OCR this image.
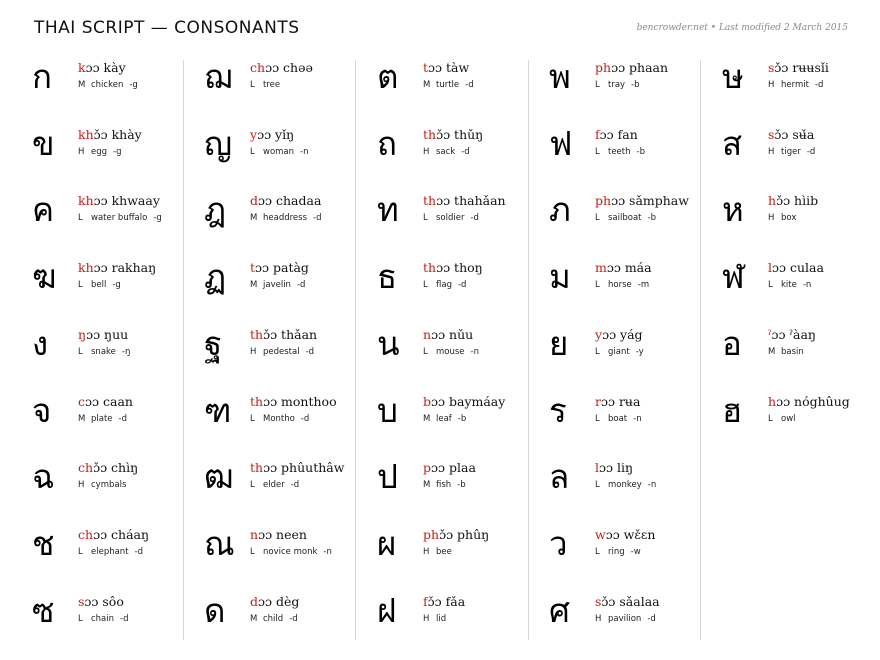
THAI SCRIPT — CONSONANTS	bencrowder.net • Last modified 2 March 2015
ก	kɔɔ kày
M chicken -g
ข	khɔ̌ɔ khày
H egg -g
ค	khɔɔ khwaay
L water buffalo -g
ฆ	khɔɔ rakhaŋ
L bell -g
ง	ŋɔɔ ŋuu
L snake -ŋ
จ	cɔɔ caan
M plate -d
ฉ	chɔ̌ɔ chìŋ
H cymbals
ช	chɔɔ cháaŋ
L elephant -d
ซ	sɔɔ sôo
L chain -d
ฌ	chɔɔ chəə
L tree
ญ	yɔɔ yǐŋ
L woman -n
ฎ	dɔɔ chadaa
M headdress -d
ฏ	tɔɔ patàg
M javelin -d
ฐ	thɔ̌ɔ thǎan
H pedestal -d
ฑ	thɔɔ monthoo
L Montho -d
ฒ	thɔɔ phûuthâw
L elder -d
ณ	nɔɔ neen
L novice monk -n
ด	dɔɔ dèg
M child -d
ต	tɔɔ tàw
M turtle -d
ถ	thɔ̌ɔ thǔŋ
H sack -d
ท	thɔɔ thahǎan
L soldier -d
ธ	thɔɔ thoŋ
L flag -d
น	nɔɔ nǔu
L mouse -n
บ	bɔɔ baymáay
M leaf -b
ป	pɔɔ plaa
M fish -b
ผ	phɔ̌ɔ phûŋ
H bee
ฝ	fɔ̌ɔ fǎa
H lid
พ	phɔɔ phaan
L tray -b
ฟ	fɔɔ fan
L teeth -b
ภ	phɔɔ sǎmphaw
L sailboat -b
ม	mɔɔ máa
L horse -m
ย	yɔɔ yág
L giant -y
ร	rɔɔ rʉa
L boat -n
ล	lɔɔ liŋ
L monkey -n
ว	wɔɔ wɛ̌ɛn
L ring -w
ศ	sɔ̌ɔ sǎalaa
H pavilion -d
ษ	sɔ̌ɔ rʉʉsǐi
H hermit -d
ส	sɔ̌ɔ sʉ̌a
H tiger -d
ห	hɔ̌ɔ hìib
H box
ฬ	lɔɔ culaa
L kite -n
อ	ˀɔɔ ˀàaŋ
M basin
ฮ	hɔɔ nóghûug
L owl
